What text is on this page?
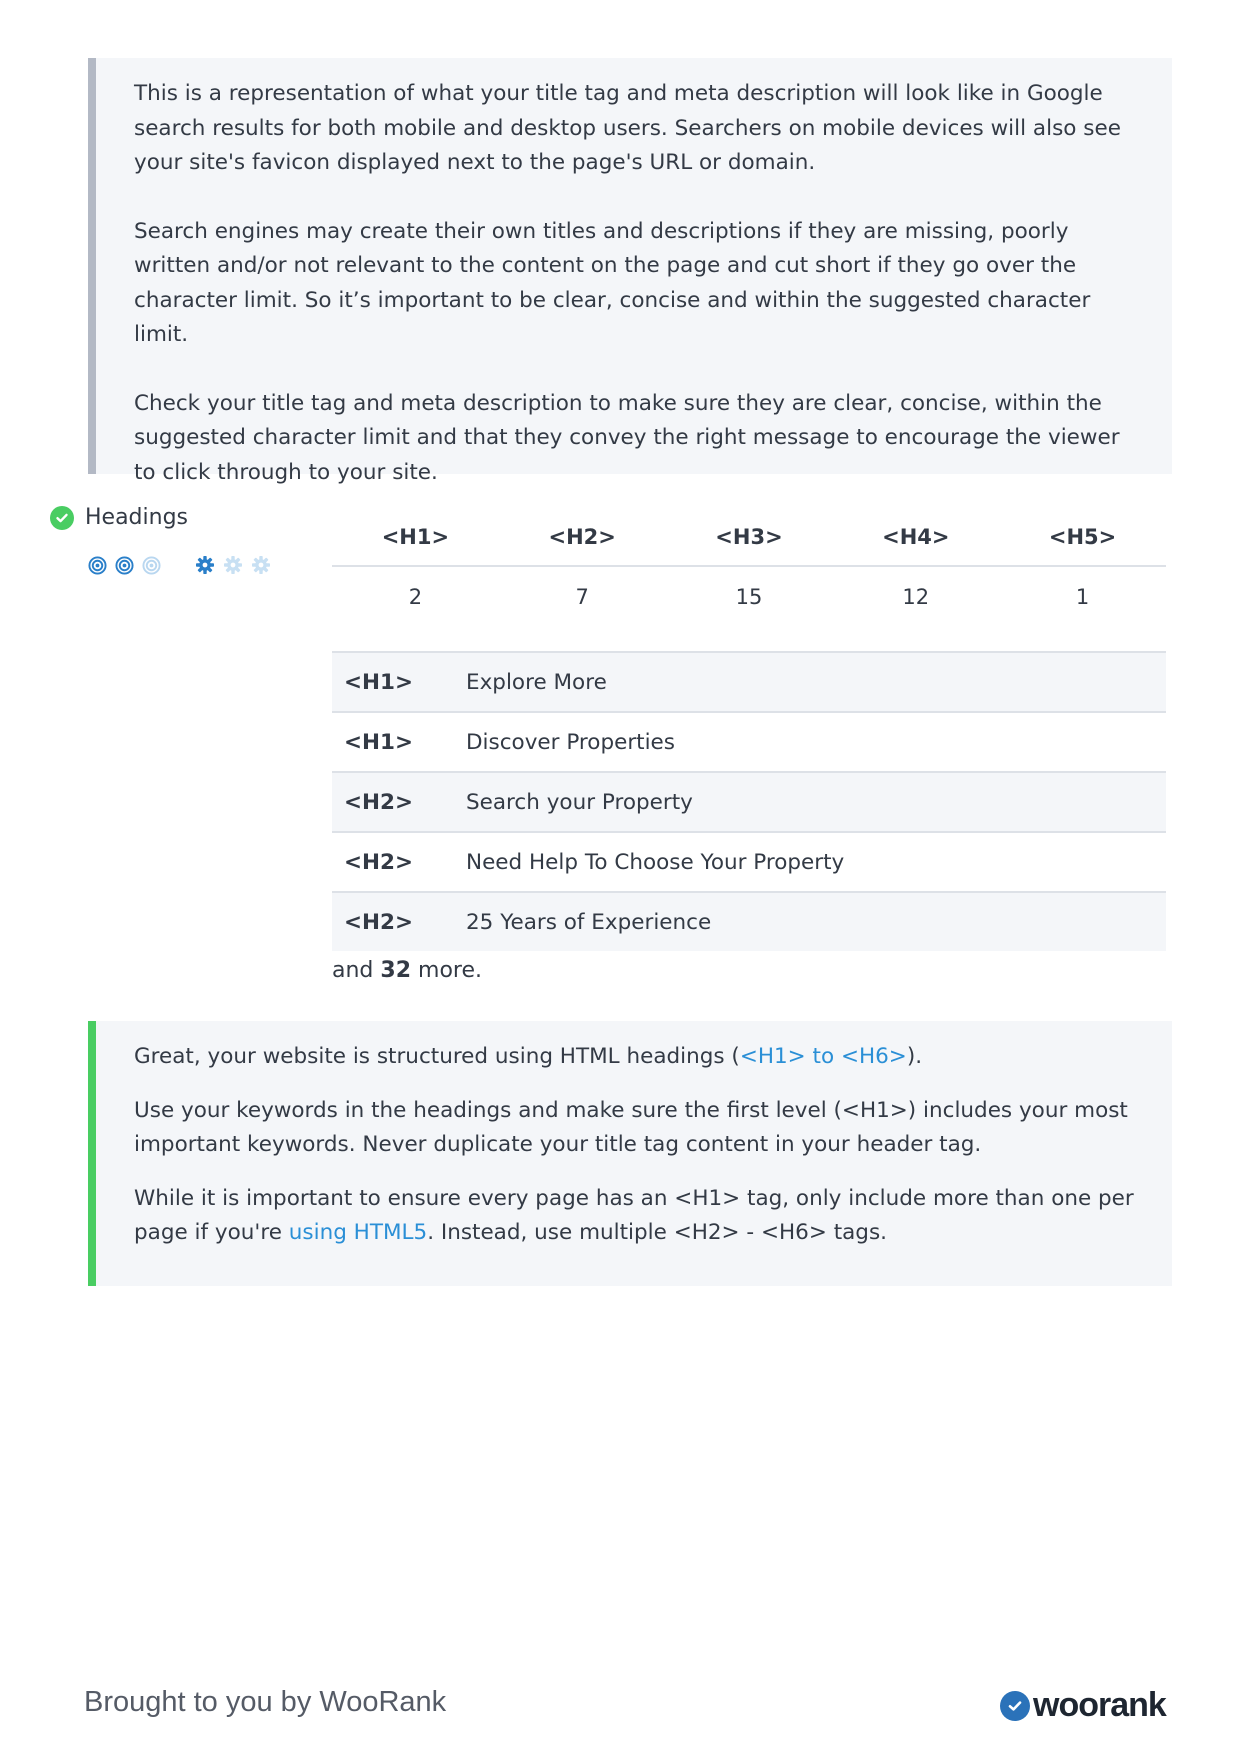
This is a representation of what your title tag and meta description will look like in Google search results for both mobile and desktop users. Searchers on mobile devices will also see your site's favicon displayed next to the page's URL or domain.

Search engines may create their own titles and descriptions if they are missing, poorly written and/or not relevant to the content on the page and cut short if they go over the character limit. So it’s important to be clear, concise and within the suggested character limit.

Check your title tag and meta description to make sure they are clear, concise, within the suggested character limit and that they convey the right message to encourage the viewer to click through to your site.

Headings
<H1>	<H2>	<H3>	<H4>	<H5>
2	7	15	12	1
<H1>	Explore More
<H1>	Discover Properties
<H2>	Search your Property
<H2>	Need Help To Choose Your Property
<H2>	25 Years of Experience
and 32 more.

Great, your website is structured using HTML headings (<H1> to <H6>).

Use your keywords in the headings and make sure the first level (<H1>) includes your most important keywords. Never duplicate your title tag content in your header tag.

While it is important to ensure every page has an <H1> tag, only include more than one per page if you're using HTML5. Instead, use multiple <H2> - <H6> tags.

Brought to you by WooRank	woorank
